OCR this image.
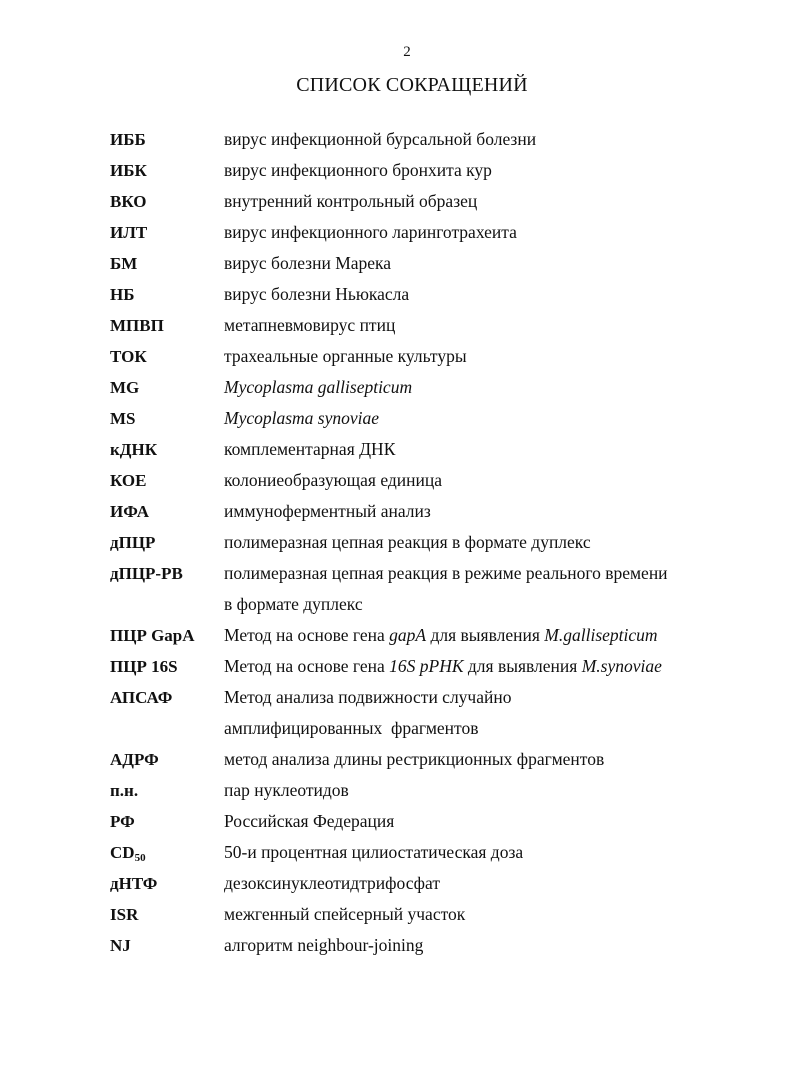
2
СПИСОК СОКРАЩЕНИЙ
ИББ	вирус инфекционной бурсальной болезни
ИБК	вирус инфекционного бронхита кур
ВКО	внутренний контрольный образец
ИЛТ	вирус инфекционного ларинготрахеита
БМ	вирус болезни Марека
НБ	вирус болезни Ньюкасла
МПВП	метапневмовирус птиц
ТОК	трахеальные органные культуры
MG	Mycoplasma gallisepticum
MS	Mycoplasma synoviae
кДНК	комплементарная ДНК
КОЕ	колониеобразующая единица
ИФА	иммуноферментный анализ
дПЦР	полимеразная цепная реакция в формате дуплекс
дПЦР-РВ	полимеразная цепная реакция в режиме реального времени
в формате дуплекс
ПЦР GapA	Метод на основе гена gapA для выявления M.gallisepticum
ПЦР 16S	Метод на основе гена 16S pPHK для выявления M.synoviae
АПСАФ	Метод анализа подвижности случайно
амплифицированных  фрагментов
АДРФ	метод анализа длины рестрикционных фрагментов
п.н.	пар нуклеотидов
РФ	Российская Федерация
$CD_{50}$	50-и процентная цилиостатическая доза
дНТФ	дезоксинуклеотидтрифосфат
ISR	межгенный спейсерный участок
NJ	алгоритм neighbour-joining
